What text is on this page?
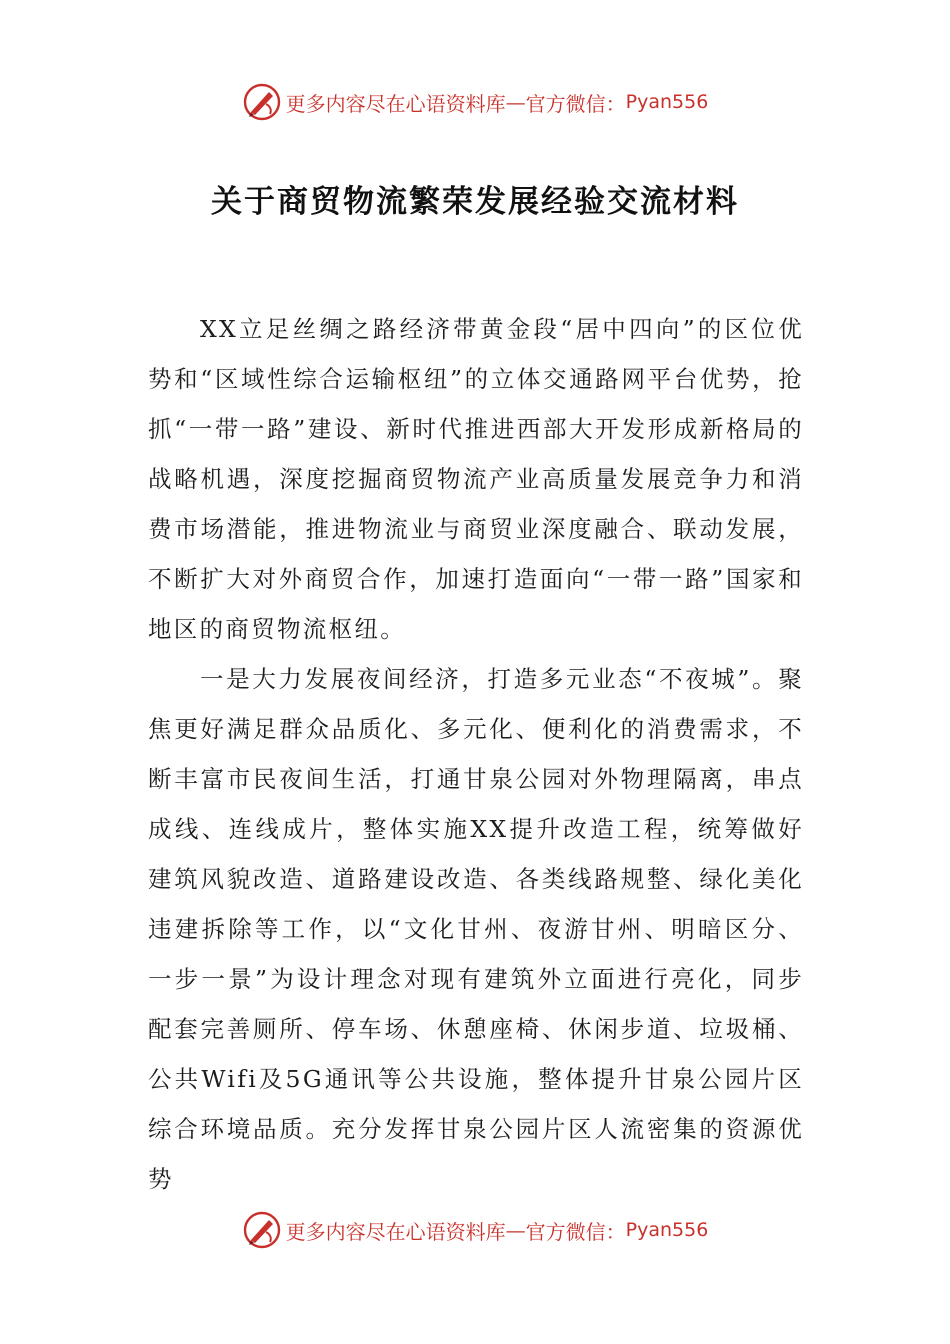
更多内容尽在心语资料库 — 官方微信： Pyan556
关于商贸物流繁荣发展经验交流材料

XX立足丝绸之路经济带黄金段“居中四向”的区位优势和“区域性综合运输枢纽”的立体交通路网平台优势，抢抓“一带一路”建设、新时代推进西部大开发形成新格局的战略机遇，深度挖掘商贸物流产业高质量发展竞争力和消费市场潜能，推进物流业与商贸业深度融合、联动发展，不断扩大对外商贸合作，加速打造面向“一带一路”国家和地区的商贸物流枢纽。

一是大力发展夜间经济，打造多元业态“不夜城”。聚焦更好满足群众品质化、多元化、便利化的消费需求，不断丰富市民夜间生活，打通甘泉公园对外物理隔离，串点成线、连线成片，整体实施XX提升改造工程，统筹做好建筑风貌改造、道路建设改造、各类线路规整、绿化美化违建拆除等工作，以“文化甘州、夜游甘州、明暗区分、一步一景”为设计理念对现有建筑外立面进行亮化，同步配套完善厕所、停车场、休憩座椅、休闲步道、垃圾桶、公共Wifi及5G通讯等公共设施，整体提升甘泉公园片区综合环境品质。充分发挥甘泉公园片区人流密集的资源优势

更多内容尽在心语资料库 — 官方微信： Pyan556
